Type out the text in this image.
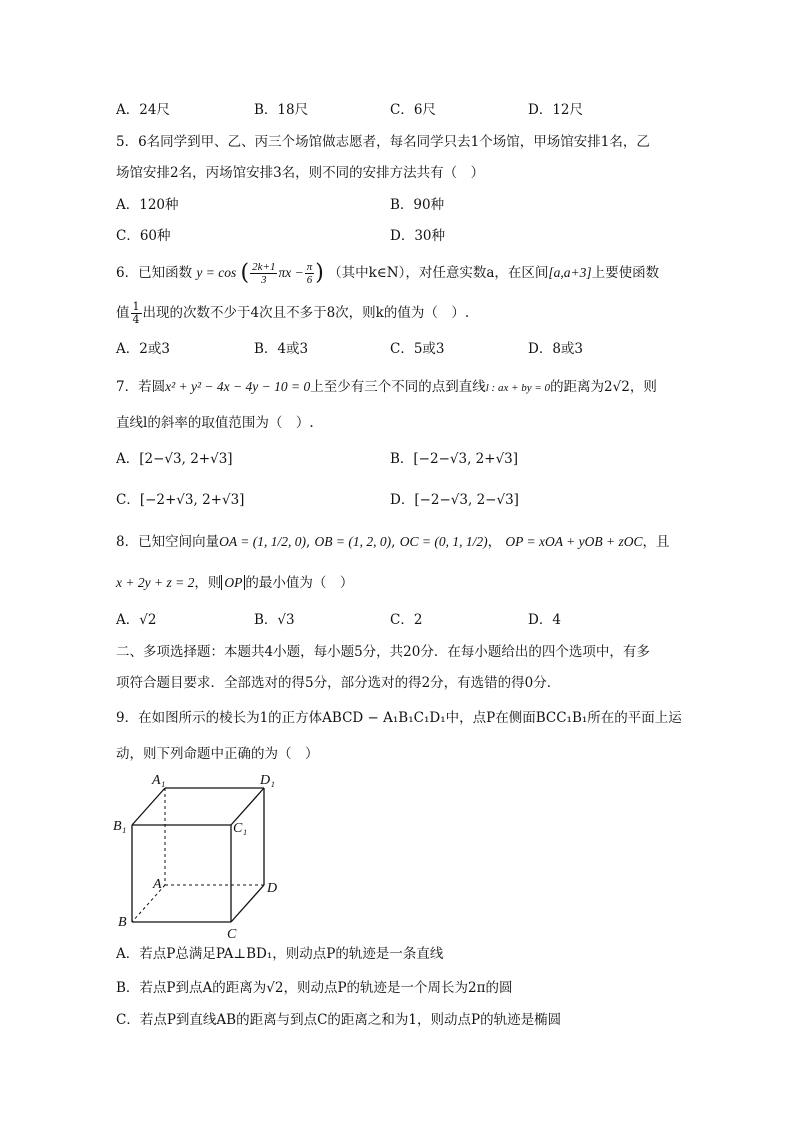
A．24尺	B．18尺	C．6尺	D．12尺
5．6名同学到甲、乙、丙三个场馆做志愿者，每名同学只去1个场馆，甲场馆安排1名，乙
场馆安排2名，丙场馆安排3名，则不同的安排方法共有（　）
A．120种	B．90种
C．60种	D．30种
6．已知函数 y = cos ( $\frac{2k+1}{3}$ $\pi x - \frac{\pi}{6}$ ) （其中k∈N），对任意实数a，在区间[a,a+3]上要使函数
值 $\frac{1}{4}$ 出现的次数不少于4次且不多于8次，则k的值为（　）.
A．2或3	B．4或3	C．5或3	D．8或3
7．若圆x² + y² − 4x − 4y − 10 = 0上至少有三个不同的点到直线l : ax + by = 0的距离为2√2，则
直线l的斜率的取值范围为（　）.
A．[2−√3, 2+√3]	B．[−2−√3, 2+√3]
C．[−2+√3, 2+√3]	D．[−2−√3, 2−√3]
8．已知空间向量OA = (1, 1/2, 0), OB = (1, 2, 0), OC = (0, 1, 1/2)， OP = xOA + yOB + zOC，且
x + 2y + z = 2，则 OP 的最小值为（　）
A．√2	B．√3	C．2	D．4
二、多项选择题：本题共4小题，每小题5分，共20分．在每小题给出的四个选项中，有多
项符合题目要求．全部选对的得5分，部分选对的得2分，有选错的得0分．
9．在如图所示的棱长为1的正方体ABCD − A₁B₁C₁D₁中，点P在侧面BCC₁B₁所在的平面上运
动，则下列命题中正确的为（　）
A₁	D₁
B₁	C₁
A	D
B
C
A．若点P总满足PA⊥BD₁，则动点P的轨迹是一条直线
B．若点P到点A的距离为√2，则动点P的轨迹是一个周长为2π的圆
C．若点P到直线AB的距离与到点C的距离之和为1，则动点P的轨迹是椭圆
